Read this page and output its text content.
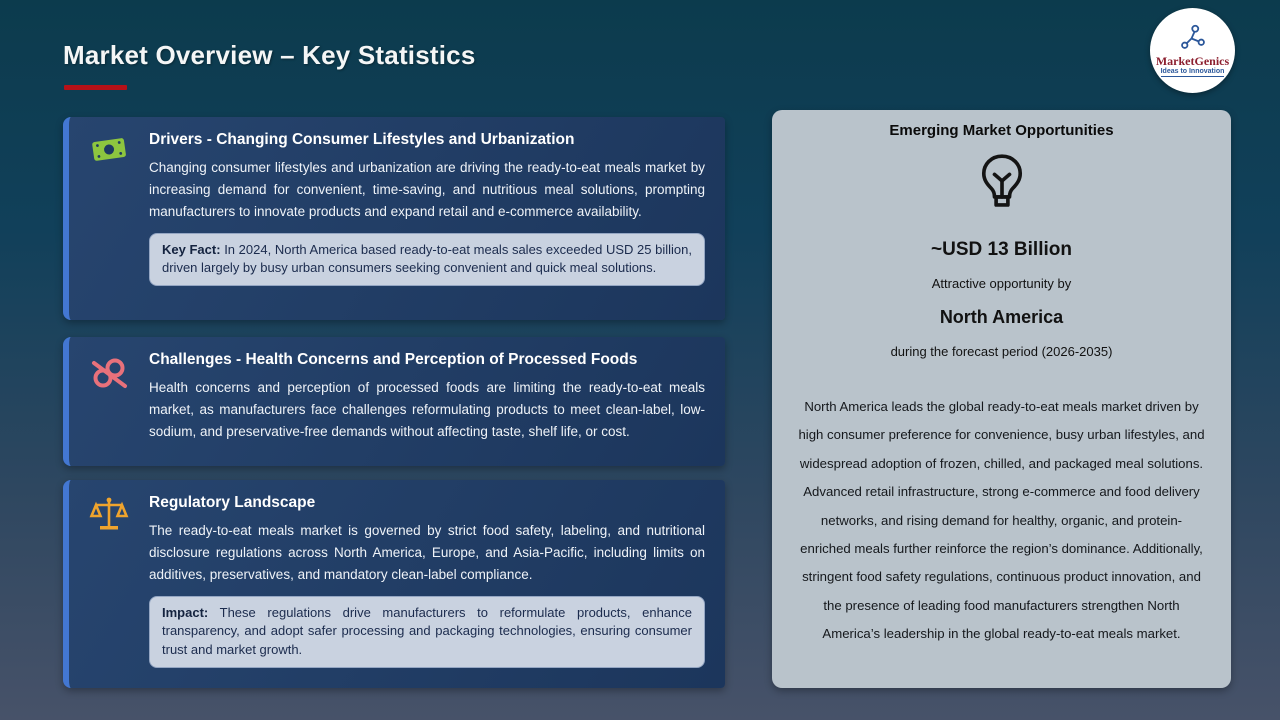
Market Overview – Key Statistics	MarketGenics
Ideas to Innovation
Drivers - Changing Consumer Lifestyles and Urbanization
Changing consumer lifestyles and urbanization are driving the ready-to-eat meals market by increasing demand for convenient, time-saving, and nutritious meal solutions, prompting manufacturers to innovate products and expand retail and e-commerce availability.
Key Fact: In 2024, North America based ready-to-eat meals sales exceeded USD 25 billion, driven largely by busy urban consumers seeking convenient and quick meal solutions.
Challenges - Health Concerns and Perception of Processed Foods
Health concerns and perception of processed foods are limiting the ready-to-eat meals market, as manufacturers face challenges reformulating products to meet clean-label, low-sodium, and preservative-free demands without affecting taste, shelf life, or cost.
Regulatory Landscape
The ready-to-eat meals market is governed by strict food safety, labeling, and nutritional disclosure regulations across North America, Europe, and Asia-Pacific, including limits on additives, preservatives, and mandatory clean-label compliance.
Impact: These regulations drive manufacturers to reformulate products, enhance transparency, and adopt safer processing and packaging technologies, ensuring consumer trust and market growth.
Emerging Market Opportunities
~USD 13 Billion
Attractive opportunity by
North America
during the forecast period (2026-2035)
North America leads the global ready-to-eat meals market driven by high consumer preference for convenience, busy urban lifestyles, and widespread adoption of frozen, chilled, and packaged meal solutions. Advanced retail infrastructure, strong e-commerce and food delivery networks, and rising demand for healthy, organic, and protein-enriched meals further reinforce the region’s dominance. Additionally, stringent food safety regulations, continuous product innovation, and the presence of leading food manufacturers strengthen North America’s leadership in the global ready-to-eat meals market.
